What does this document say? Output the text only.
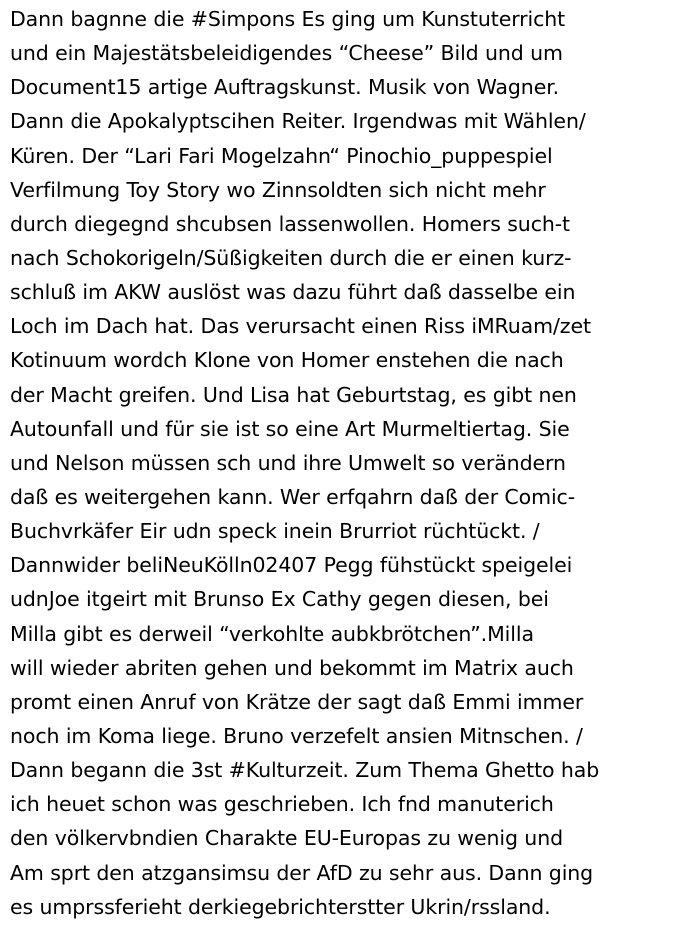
Dann bagnne die #Simpons Es ging um Kunstuterricht
und ein Majestätsbeleidigendes “Cheese” Bild und um
Document15 artige Auftragskunst. Musik von Wagner.
Dann die Apokalyptscihen Reiter. Irgendwas mit Wählen/
Küren. Der “Lari Fari Mogelzahn“ Pinochio_puppespiel
Verfilmung Toy Story wo Zinnsoldten sich nicht mehr
durch diegegnd shcubsen lassenwollen. Homers such-t
nach Schokorigeln/Süßigkeiten durch die er einen kurz-
schluß im AKW auslöst was dazu führt daß dasselbe ein
Loch im Dach hat. Das verursacht einen Riss iMRuam/zet
Kotinuum wordch Klone von Homer enstehen die nach
der Macht greifen. Und Lisa hat Geburtstag, es gibt nen
Autounfall und für sie ist so eine Art Murmeltiertag. Sie
und Nelson müssen sch und ihre Umwelt so verändern
daß es weitergehen kann. Wer erfqahrn daß der Comic-
Buchvrkäfer Eir udn speck inein Brurriot rüchtückt. /
Dannwider beliNeuKölln02407 Pegg fühstückt speigelei
udnJoe itgeirt mit Brunso Ex Cathy gegen diesen, bei
Milla gibt es derweil “verkohlte aubkbrötchen”.Milla
will wieder abriten gehen und bekommt im Matrix auch
promt einen Anruf von Krätze der sagt daß Emmi immer
noch im Koma liege. Bruno verzefelt ansien Mitnschen. /
Dann begann die 3st #Kulturzeit. Zum Thema Ghetto hab
ich heuet schon was geschrieben. Ich fnd manuterich
den völkervbndien Charakte EU-Europas zu wenig und
Am sprt den atzgansimsu der AfD zu sehr aus. Dann ging
es umprssferieht derkiegebrichterstter Ukrin/rssland.
